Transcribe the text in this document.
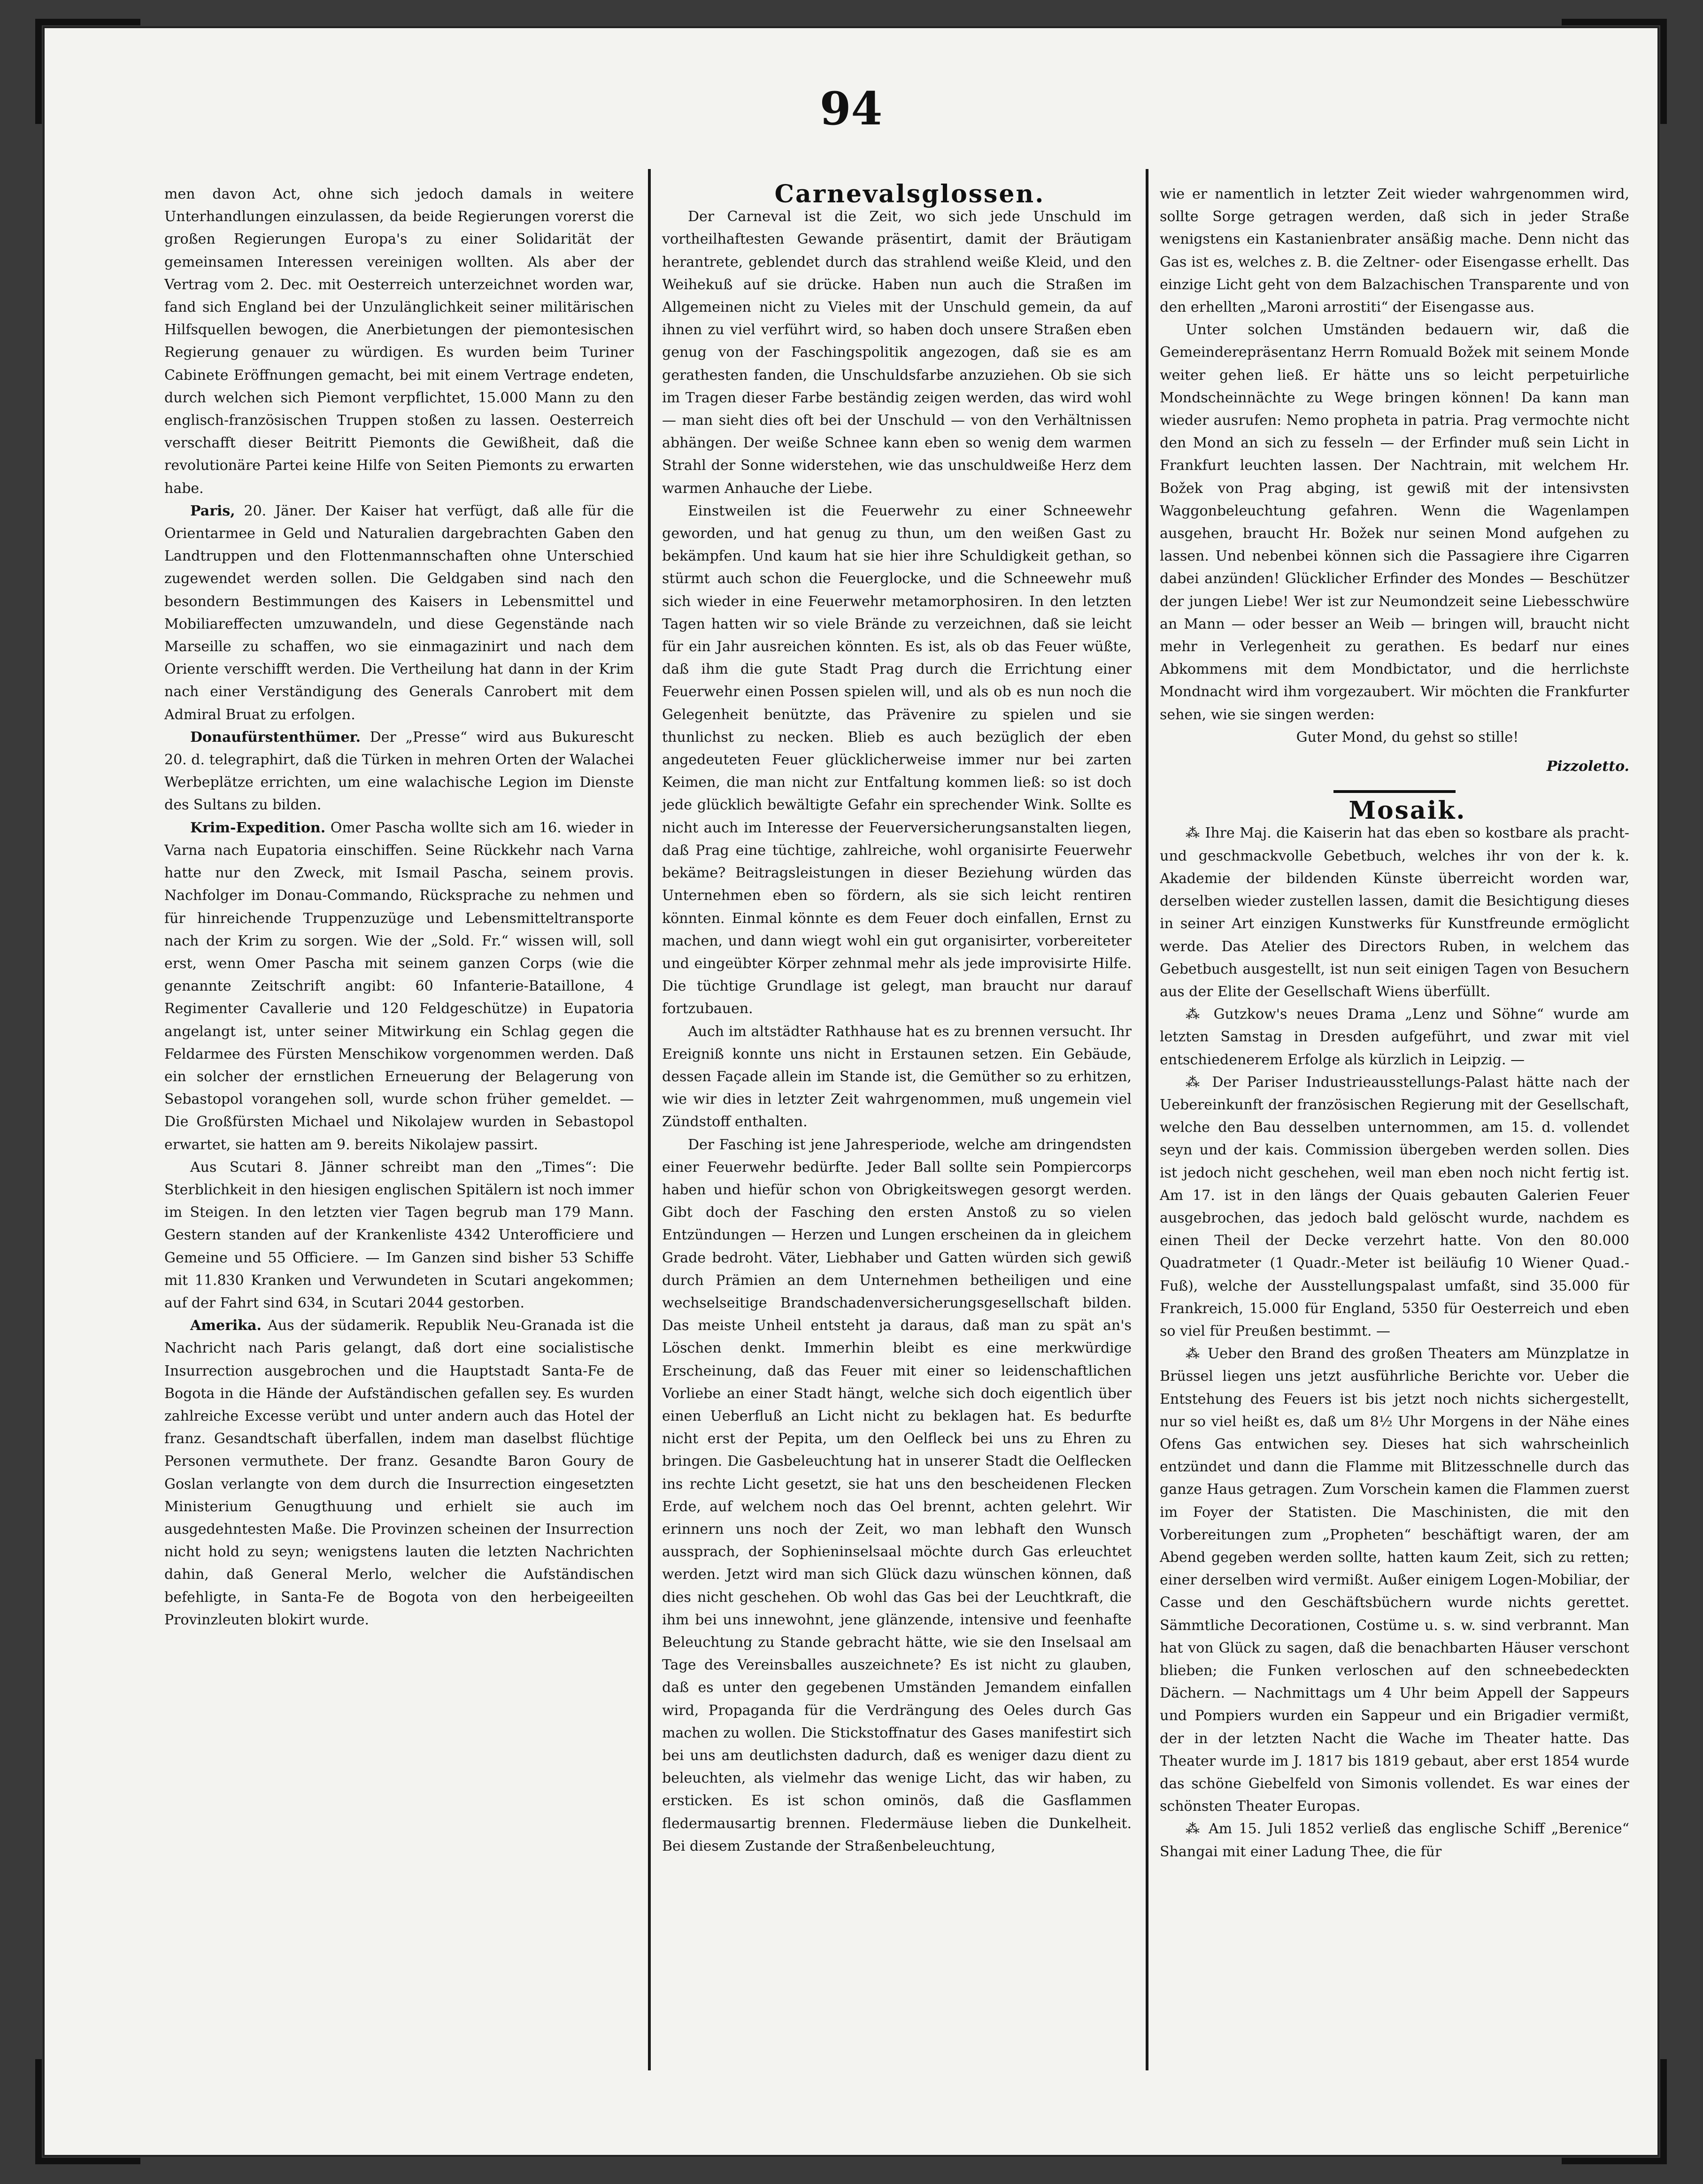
94

men davon Act, ohne sich jedoch damals in weitere Unterhandlungen einzulassen, da beide Regierungen vorerst die großen Regierungen Europa's zu einer Solidarität der gemeinsamen Interessen vereinigen wollten. Als aber der Vertrag vom 2. Dec. mit Oesterreich unterzeichnet worden war, fand sich England bei der Unzulänglichkeit seiner militärischen Hilfsquellen bewogen, die Anerbietungen der piemontesischen Regierung genauer zu würdigen. Es wurden beim Turiner Cabinete Eröffnungen gemacht, bei mit einem Vertrage endeten, durch welchen sich Piemont verpflichtet, 15.000 Mann zu den englisch-französischen Truppen stoßen zu lassen. Oesterreich verschafft dieser Beitritt Piemonts die Gewißheit, daß die revolutionäre Partei keine Hilfe von Seiten Piemonts zu erwarten habe.

Paris, 20. Jäner. Der Kaiser hat verfügt, daß alle für die Orientarmee in Geld und Naturalien dargebrachten Gaben den Landtruppen und den Flottenmannschaften ohne Unterschied zugewendet werden sollen. Die Geldgaben sind nach den besondern Bestimmungen des Kaisers in Lebensmittel und Mobiliareffecten umzuwandeln, und diese Gegenstände nach Marseille zu schaffen, wo sie einmagazinirt und nach dem Oriente verschifft werden. Die Vertheilung hat dann in der Krim nach einer Verständigung des Generals Canrobert mit dem Admiral Bruat zu erfolgen.

Donaufürstenthümer. Der „Presse“ wird aus Bukurescht 20. d. telegraphirt, daß die Türken in mehren Orten der Walachei Werbeplätze errichten, um eine walachische Legion im Dienste des Sultans zu bilden.

Krim-Expedition. Omer Pascha wollte sich am 16. wieder in Varna nach Eupatoria einschiffen. Seine Rückkehr nach Varna hatte nur den Zweck, mit Ismail Pascha, seinem provis. Nachfolger im Donau-Commando, Rücksprache zu nehmen und für hinreichende Truppenzuzüge und Lebensmitteltransporte nach der Krim zu sorgen. Wie der „Sold. Fr.“ wissen will, soll erst, wenn Omer Pascha mit seinem ganzen Corps (wie die genannte Zeitschrift angibt: 60 Infanterie-Bataillone, 4 Regimenter Cavallerie und 120 Feldgeschütze) in Eupatoria angelangt ist, unter seiner Mitwirkung ein Schlag gegen die Feldarmee des Fürsten Menschikow vorgenommen werden. Daß ein solcher der ernstlichen Erneuerung der Belagerung von Sebastopol vorangehen soll, wurde schon früher gemeldet. — Die Großfürsten Michael und Nikolajew wurden in Sebastopol erwartet, sie hatten am 9. bereits Nikolajew passirt.

Aus Scutari 8. Jänner schreibt man den „Times“: Die Sterblichkeit in den hiesigen englischen Spitälern ist noch immer im Steigen. In den letzten vier Tagen begrub man 179 Mann. Gestern standen auf der Krankenliste 4342 Unterofficiere und Gemeine und 55 Officiere. — Im Ganzen sind bisher 53 Schiffe mit 11.830 Kranken und Verwundeten in Scutari angekommen; auf der Fahrt sind 634, in Scutari 2044 gestorben.

Amerika. Aus der südamerik. Republik Neu-Granada ist die Nachricht nach Paris gelangt, daß dort eine socialistische Insurrection ausgebrochen und die Hauptstadt Santa-Fe de Bogota in die Hände der Aufständischen gefallen sey. Es wurden zahlreiche Excesse verübt und unter andern auch das Hotel der franz. Gesandtschaft überfallen, indem man daselbst flüchtige Personen vermuthete. Der franz. Gesandte Baron Goury de Goslan verlangte von dem durch die Insurrection eingesetzten Ministerium Genugthuung und erhielt sie auch im ausgedehntesten Maße. Die Provinzen scheinen der Insurrection nicht hold zu seyn; wenigstens lauten die letzten Nachrichten dahin, daß General Merlo, welcher die Aufständischen befehligte, in Santa-Fe de Bogota von den herbeigeeilten Provinzleuten blokirt wurde.

Carnevalsglossen.

Der Carneval ist die Zeit, wo sich jede Unschuld im vortheilhaftesten Gewande präsentirt, damit der Bräutigam herantrete, geblendet durch das strahlend weiße Kleid, und den Weihekuß auf sie drücke. Haben nun auch die Straßen im Allgemeinen nicht zu Vieles mit der Unschuld gemein, da auf ihnen zu viel verführt wird, so haben doch unsere Straßen eben genug von der Faschingspolitik angezogen, daß sie es am gerathesten fanden, die Unschuldsfarbe anzuziehen. Ob sie sich im Tragen dieser Farbe beständig zeigen werden, das wird wohl — man sieht dies oft bei der Unschuld — von den Verhältnissen abhängen. Der weiße Schnee kann eben so wenig dem warmen Strahl der Sonne widerstehen, wie das unschuldweiße Herz dem warmen Anhauche der Liebe.

Einstweilen ist die Feuerwehr zu einer Schneewehr geworden, und hat genug zu thun, um den weißen Gast zu bekämpfen. Und kaum hat sie hier ihre Schuldigkeit gethan, so stürmt auch schon die Feuerglocke, und die Schneewehr muß sich wieder in eine Feuerwehr metamorphosiren. In den letzten Tagen hatten wir so viele Brände zu verzeichnen, daß sie leicht für ein Jahr ausreichen könnten. Es ist, als ob das Feuer wüßte, daß ihm die gute Stadt Prag durch die Errichtung einer Feuerwehr einen Possen spielen will, und als ob es nun noch die Gelegenheit benützte, das Prävenire zu spielen und sie thunlichst zu necken. Blieb es auch bezüglich der eben angedeuteten Feuer glücklicherweise immer nur bei zarten Keimen, die man nicht zur Entfaltung kommen ließ: so ist doch jede glücklich bewältigte Gefahr ein sprechender Wink. Sollte es nicht auch im Interesse der Feuerversicherungsanstalten liegen, daß Prag eine tüchtige, zahlreiche, wohl organisirte Feuerwehr bekäme? Beitragsleistungen in dieser Beziehung würden das Unternehmen eben so fördern, als sie sich leicht rentiren könnten. Einmal könnte es dem Feuer doch einfallen, Ernst zu machen, und dann wiegt wohl ein gut organisirter, vorbereiteter und eingeübter Körper zehnmal mehr als jede improvisirte Hilfe. Die tüchtige Grundlage ist gelegt, man braucht nur darauf fortzubauen.

Auch im altstädter Rathhause hat es zu brennen versucht. Ihr Ereigniß konnte uns nicht in Erstaunen setzen. Ein Gebäude, dessen Façade allein im Stande ist, die Gemüther so zu erhitzen, wie wir dies in letzter Zeit wahrgenommen, muß ungemein viel Zündstoff enthalten.

Der Fasching ist jene Jahresperiode, welche am dringendsten einer Feuerwehr bedürfte. Jeder Ball sollte sein Pompiercorps haben und hiefür schon von Obrigkeitswegen gesorgt werden. Gibt doch der Fasching den ersten Anstoß zu so vielen Entzündungen — Herzen und Lungen erscheinen da in gleichem Grade bedroht. Väter, Liebhaber und Gatten würden sich gewiß durch Prämien an dem Unternehmen betheiligen und eine wechselseitige Brandschadenversicherungsgesellschaft bilden. Das meiste Unheil entsteht ja daraus, daß man zu spät an's Löschen denkt. Immerhin bleibt es eine merkwürdige Erscheinung, daß das Feuer mit einer so leidenschaftlichen Vorliebe an einer Stadt hängt, welche sich doch eigentlich über einen Ueberfluß an Licht nicht zu beklagen hat. Es bedurfte nicht erst der Pepita, um den Oelfleck bei uns zu Ehren zu bringen. Die Gasbeleuchtung hat in unserer Stadt die Oelflecken ins rechte Licht gesetzt, sie hat uns den bescheidenen Flecken Erde, auf welchem noch das Oel brennt, achten gelehrt. Wir erinnern uns noch der Zeit, wo man lebhaft den Wunsch aussprach, der Sophieninselsaal möchte durch Gas erleuchtet werden. Jetzt wird man sich Glück dazu wünschen können, daß dies nicht geschehen. Ob wohl das Gas bei der Leuchtkraft, die ihm bei uns innewohnt, jene glänzende, intensive und feenhafte Beleuchtung zu Stande gebracht hätte, wie sie den Inselsaal am Tage des Vereinsballes auszeichnete? Es ist nicht zu glauben, daß es unter den gegebenen Umständen Jemandem einfallen wird, Propaganda für die Verdrängung des Oeles durch Gas machen zu wollen. Die Stickstoffnatur des Gases manifestirt sich bei uns am deutlichsten dadurch, daß es weniger dazu dient zu beleuchten, als vielmehr das wenige Licht, das wir haben, zu ersticken. Es ist schon ominös, daß die Gasflammen fledermausartig brennen. Fledermäuse lieben die Dunkelheit. Bei diesem Zustande der Straßenbeleuchtung,

wie er namentlich in letzter Zeit wieder wahrgenommen wird, sollte Sorge getragen werden, daß sich in jeder Straße wenigstens ein Kastanienbrater ansäßig mache. Denn nicht das Gas ist es, welches z. B. die Zeltner- oder Eisengasse erhellt. Das einzige Licht geht von dem Balzachischen Transparente und von den erhellten „Maroni arrostiti“ der Eisengasse aus.

Unter solchen Umständen bedauern wir, daß die Gemeinderepräsentanz Herrn Romuald Božek mit seinem Monde weiter gehen ließ. Er hätte uns so leicht perpetuirliche Mondscheinnächte zu Wege bringen können! Da kann man wieder ausrufen: Nemo propheta in patria. Prag vermochte nicht den Mond an sich zu fesseln — der Erfinder muß sein Licht in Frankfurt leuchten lassen. Der Nachtrain, mit welchem Hr. Božek von Prag abging, ist gewiß mit der intensivsten Waggonbeleuchtung gefahren. Wenn die Wagenlampen ausgehen, braucht Hr. Božek nur seinen Mond aufgehen zu lassen. Und nebenbei können sich die Passagiere ihre Cigarren dabei anzünden! Glücklicher Erfinder des Mondes — Beschützer der jungen Liebe! Wer ist zur Neumondzeit seine Liebesschwüre an Mann — oder besser an Weib — bringen will, braucht nicht mehr in Verlegenheit zu gerathen. Es bedarf nur eines Abkommens mit dem Mondbictator, und die herrlichste Mondnacht wird ihm vorgezaubert. Wir möchten die Frankfurter sehen, wie sie singen werden:

Guter Mond, du gehst so stille!

Pizzoletto.

Mosaik.

⁂ Ihre Maj. die Kaiserin hat das eben so kostbare als pracht- und geschmackvolle Gebetbuch, welches ihr von der k. k. Akademie der bildenden Künste überreicht worden war, derselben wieder zustellen lassen, damit die Besichtigung dieses in seiner Art einzigen Kunstwerks für Kunstfreunde ermöglicht werde. Das Atelier des Directors Ruben, in welchem das Gebetbuch ausgestellt, ist nun seit einigen Tagen von Besuchern aus der Elite der Gesellschaft Wiens überfüllt.

⁂ Gutzkow's neues Drama „Lenz und Söhne“ wurde am letzten Samstag in Dresden aufgeführt, und zwar mit viel entschiedenerem Erfolge als kürzlich in Leipzig. —

⁂ Der Pariser Industrieausstellungs-Palast hätte nach der Uebereinkunft der französischen Regierung mit der Gesellschaft, welche den Bau desselben unternommen, am 15. d. vollendet seyn und der kais. Commission übergeben werden sollen. Dies ist jedoch nicht geschehen, weil man eben noch nicht fertig ist. Am 17. ist in den längs der Quais gebauten Galerien Feuer ausgebrochen, das jedoch bald gelöscht wurde, nachdem es einen Theil der Decke verzehrt hatte. Von den 80.000 Quadratmeter (1 Quadr.-Meter ist beiläufig 10 Wiener Quad.-Fuß), welche der Ausstellungspalast umfaßt, sind 35.000 für Frankreich, 15.000 für England, 5350 für Oesterreich und eben so viel für Preußen bestimmt. —

⁂ Ueber den Brand des großen Theaters am Münzplatze in Brüssel liegen uns jetzt ausführliche Berichte vor. Ueber die Entstehung des Feuers ist bis jetzt noch nichts sichergestellt, nur so viel heißt es, daß um 8½ Uhr Morgens in der Nähe eines Ofens Gas entwichen sey. Dieses hat sich wahrscheinlich entzündet und dann die Flamme mit Blitzesschnelle durch das ganze Haus getragen. Zum Vorschein kamen die Flammen zuerst im Foyer der Statisten. Die Maschinisten, die mit den Vorbereitungen zum „Propheten“ beschäftigt waren, der am Abend gegeben werden sollte, hatten kaum Zeit, sich zu retten; einer derselben wird vermißt. Außer einigem Logen-Mobiliar, der Casse und den Geschäftsbüchern wurde nichts gerettet. Sämmtliche Decorationen, Costüme u. s. w. sind verbrannt. Man hat von Glück zu sagen, daß die benachbarten Häuser verschont blieben; die Funken verloschen auf den schneebedeckten Dächern. — Nachmittags um 4 Uhr beim Appell der Sappeurs und Pompiers wurden ein Sappeur und ein Brigadier vermißt, der in der letzten Nacht die Wache im Theater hatte. Das Theater wurde im J. 1817 bis 1819 gebaut, aber erst 1854 wurde das schöne Giebelfeld von Simonis vollendet. Es war eines der schönsten Theater Europas.

⁂ Am 15. Juli 1852 verließ das englische Schiff „Berenice“ Shangai mit einer Ladung Thee, die für
